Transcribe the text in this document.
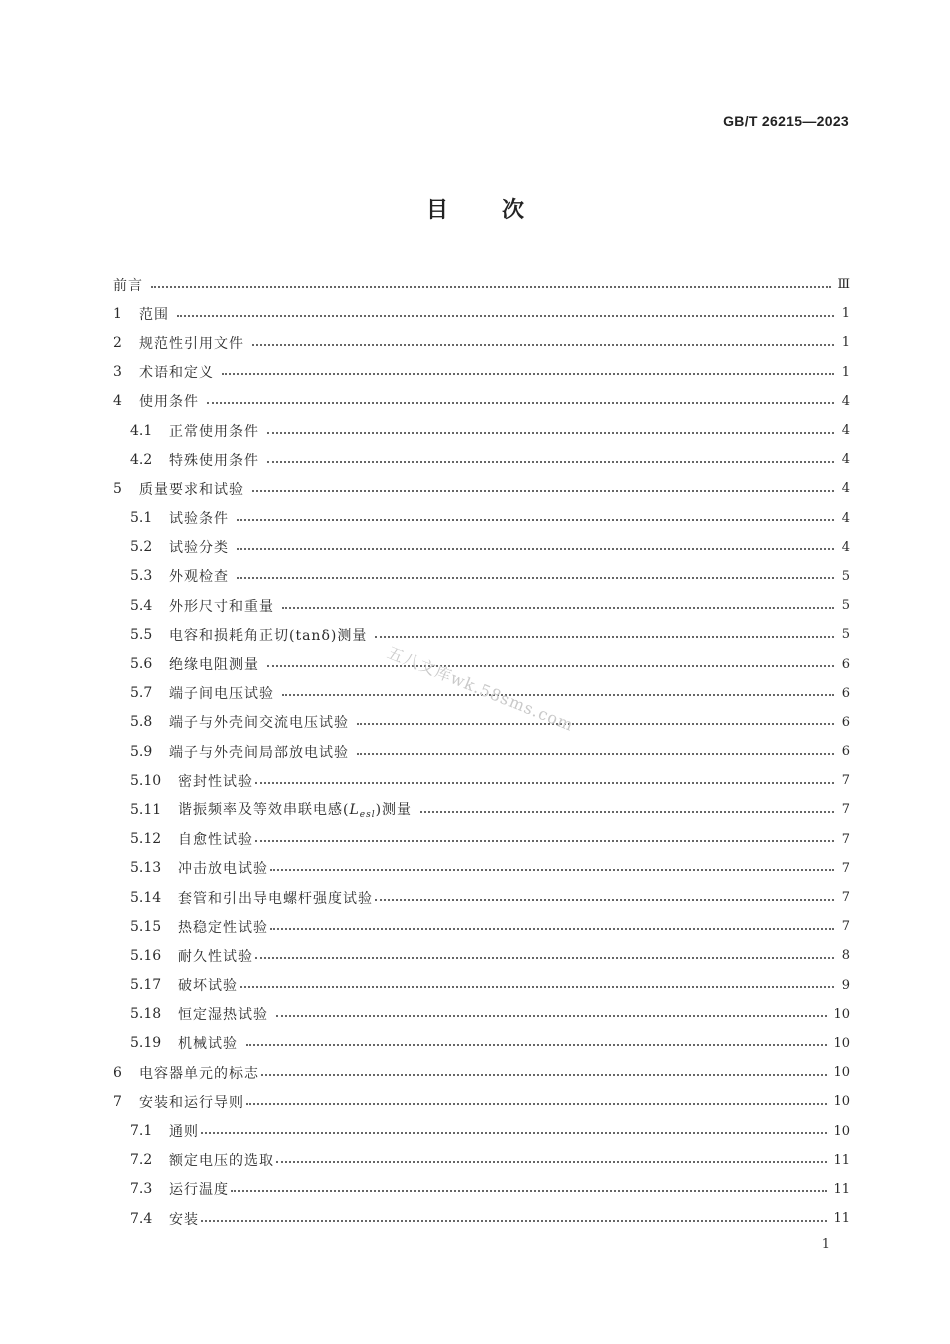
GB/T 26215—2023
目 次
前言	Ⅲ
1	范围	1
2	规范性引用文件	1
3	术语和定义	1
4	使用条件	4
4.1	正常使用条件	4
4.2	特殊使用条件	4
5	质量要求和试验	4
5.1	试验条件	4
5.2	试验分类	4
5.3	外观检查	5
5.4	外形尺寸和重量	5
5.5	电容和损耗角正切(tanδ)测量	5
5.6	绝缘电阻测量	6
5.7	端子间电压试验	6
5.8	端子与外壳间交流电压试验	6
5.9	端子与外壳间局部放电试验	6
5.10	密封性试验	7
5.11	谐振频率及等效串联电感$(L_{esl})$测量	7
5.12	自愈性试验	7
5.13	冲击放电试验	7
5.14	套管和引出导电螺杆强度试验	7
5.15	热稳定性试验	7
5.16	耐久性试验	8
5.17	破坏试验	9
5.18	恒定湿热试验	10
5.19	机械试验	10
6	电容器单元的标志	10
7	安装和运行导则	10
7.1	通则	10
7.2	额定电压的选取	11
7.3	运行温度	11
7.4	安装	11
五八文库wk.58sms.com
1
